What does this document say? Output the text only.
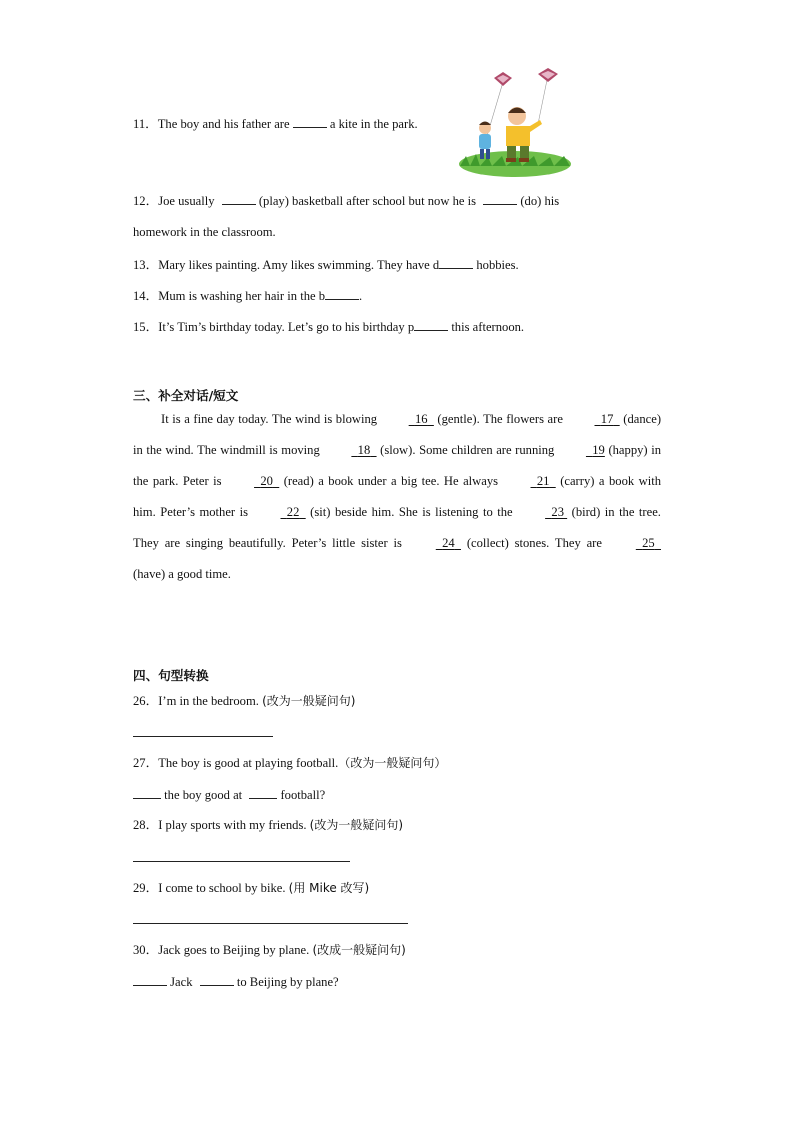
11．The boy and his father are	a kite in the park.
12．Joe usually	(play) basketball after school but now he is	(do) his
homework in the classroom.
13．Mary likes painting. Amy likes swimming. They have d	hobbies.
14．Mum is washing her hair in the b	.
15．It’s Tim’s birthday today. Let’s go to his birthday p	this afternoon.
三、补全对话/短文

It is a fine day today. The wind is blowing	16 (gentle). The flowers are	17 (dance) in the wind. The windmill is moving	18 (slow). Some children are running	19 (happy) in the park. Peter is	20 (read) a book under a big tee. He always	21 (carry) a book with him. Peter’s mother is	22 (sit) beside him. She is listening to the	23 (bird) in the tree. They are singing beautifully. Peter’s little sister is	24 (collect) stones. They are	25   (have) a good time.

四、句型转换
26．I’m in the bedroom. (改为一般疑问句)
27．The boy is good at playing football.（改为一般疑问句）
the boy good at	football?
28．I play sports with my friends. (改为一般疑问句)
29．I come to school by bike. (用 Mike 改写)
30．Jack goes to Beijing by plane. (改成一般疑问句)
Jack	to Beijing by plane?
